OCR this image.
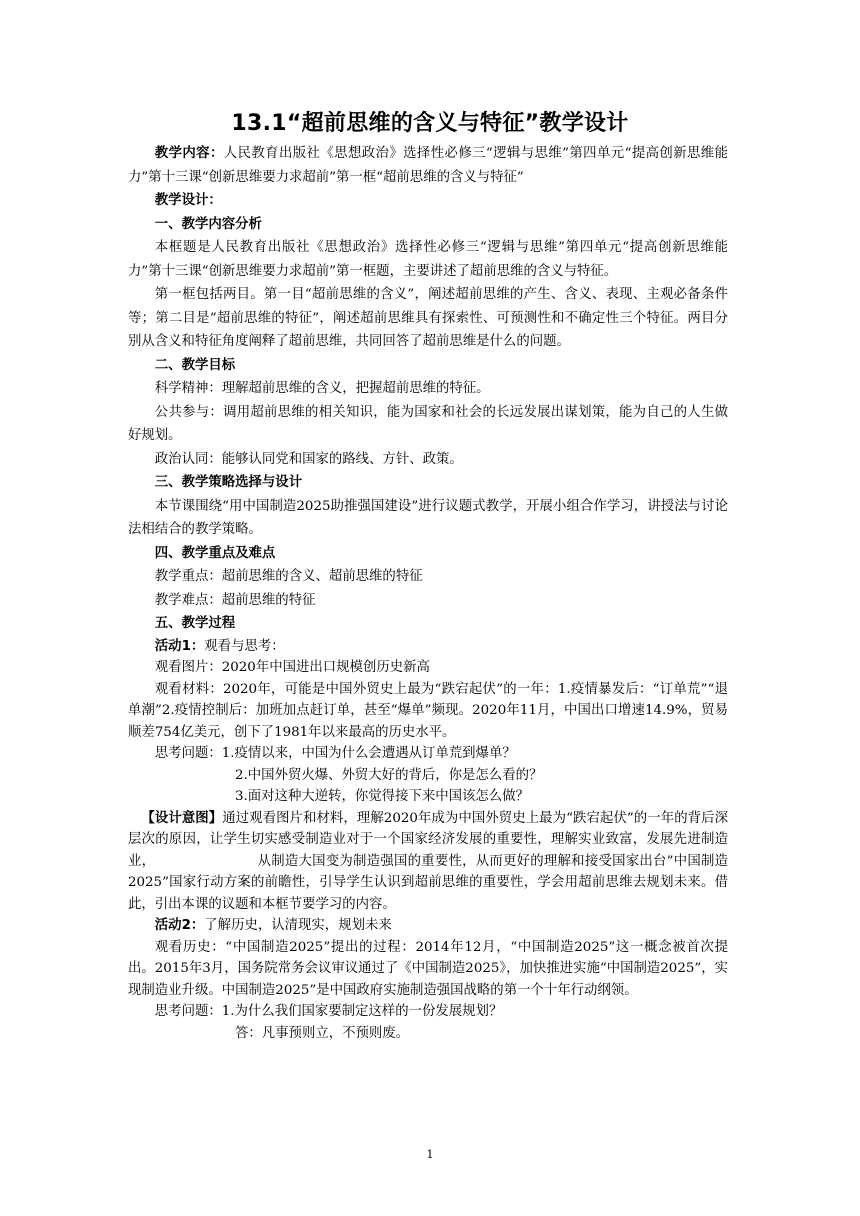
13.1“超前思维的含义与特征”教学设计

教学内容：人民教育出版社《思想政治》选择性必修三“逻辑与思维”第四单元“提高创新思维能力”第十三课“创新思维要力求超前”第一框“超前思维的含义与特征”

教学设计：

一、教学内容分析

本框题是人民教育出版社《思想政治》选择性必修三“逻辑与思维”第四单元“提高创新思维能力”第十三课“创新思维要力求超前”第一框题，主要讲述了超前思维的含义与特征。

第一框包括两目。第一目“超前思维的含义”，阐述超前思维的产生、含义、表现、主观必备条件等；第二目是“超前思维的特征”，阐述超前思维具有探索性、可预测性和不确定性三个特征。两目分别从含义和特征角度阐释了超前思维，共同回答了超前思维是什么的问题。

二、教学目标

科学精神：理解超前思维的含义，把握超前思维的特征。

公共参与：调用超前思维的相关知识，能为国家和社会的长远发展出谋划策，能为自己的人生做好规划。

政治认同：能够认同党和国家的路线、方针、政策。

三、教学策略选择与设计

本节课围绕“用中国制造2025助推强国建设”进行议题式教学，开展小组合作学习，讲授法与讨论法相结合的教学策略。

四、教学重点及难点

教学重点：超前思维的含义、超前思维的特征

教学难点：超前思维的特征

五、教学过程

活动1：观看与思考：

观看图片：2020年中国进出口规模创历史新高

观看材料：2020年，可能是中国外贸史上最为“跌宕起伏”的一年：1.疫情暴发后：“订单荒”“退单潮”2.疫情控制后：加班加点赶订单，甚至“爆单”频现。2020年11月，中国出口增速14.9%，贸易顺差754亿美元，创下了1981年以来最高的历史水平。

思考问题：1.疫情以来，中国为什么会遭遇从订单荒到爆单？

2.中国外贸火爆、外贸大好的背后，你是怎么看的？

3.面对这种大逆转，你觉得接下来中国该怎么做？

【设计意图】通过观看图片和材料，理解2020年成为中国外贸史上最为“跌宕起伏”的一年的背后深层次的原因，让学生切实感受制造业对于一个国家经济发展的重要性，理解实业致富，发展先进制造业，　　　　　　　　从制造大国变为制造强国的重要性，从而更好的理解和接受国家出台”中国制造2025”国家行动方案的前瞻性，引导学生认识到超前思维的重要性，学会用超前思维去规划未来。借此，引出本课的议题和本框节要学习的内容。

活动2：了解历史，认清现实，规划未来

观看历史：“中国制造2025”提出的过程：2014年12月，“中国制造2025”这一概念被首次提出。2015年3月，国务院常务会议审议通过了《中国制造2025》，加快推进实施“中国制造2025”，实现制造业升级。中国制造2025”是中国政府实施制造强国战略的第一个十年行动纲领。

思考问题：1.为什么我们国家要制定这样的一份发展规划？

答：凡事预则立，不预则废。

1
